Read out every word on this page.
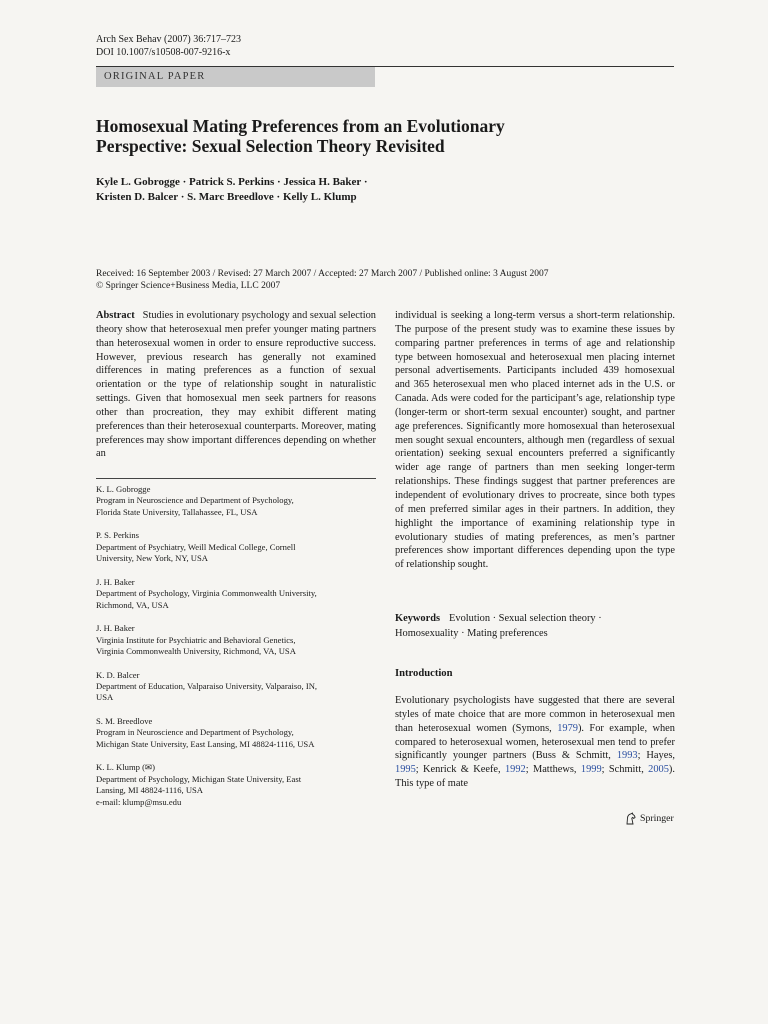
Arch Sex Behav (2007) 36:717–723
DOI 10.1007/s10508-007-9216-x
ORIGINAL PAPER
Homosexual Mating Preferences from an Evolutionary
Perspective: Sexual Selection Theory Revisited
Kyle L. Gobrogge · Patrick S. Perkins · Jessica H. Baker ·
Kristen D. Balcer · S. Marc Breedlove · Kelly L. Klump
Received: 16 September 2003 / Revised: 27 March 2007 / Accepted: 27 March 2007 / Published online: 3 August 2007
© Springer Science+Business Media, LLC 2007
Abstract Studies in evolutionary psychology and sexual selection theory show that heterosexual men prefer younger mating partners than heterosexual women in order to ensure reproductive success. However, previous research has generally not examined differences in mating preferences as a function of sexual orientation or the type of relationship sought in naturalistic settings. Given that homosexual men seek partners for reasons other than procreation, they may exhibit different mating preferences than their heterosexual counterparts. Moreover, mating preferences may show important differences depending on whether an
K. L. Gobrogge
Program in Neuroscience and Department of Psychology,
Florida State University, Tallahassee, FL, USA
P. S. Perkins
Department of Psychiatry, Weill Medical College, Cornell
University, New York, NY, USA
J. H. Baker
Department of Psychology, Virginia Commonwealth University,
Richmond, VA, USA
J. H. Baker
Virginia Institute for Psychiatric and Behavioral Genetics,
Virginia Commonwealth University, Richmond, VA, USA
K. D. Balcer
Department of Education, Valparaiso University, Valparaiso, IN,
USA
S. M. Breedlove
Program in Neuroscience and Department of Psychology,
Michigan State University, East Lansing, MI 48824-1116, USA
K. L. Klump (✉)
Department of Psychology, Michigan State University, East
Lansing, MI 48824-1116, USA
e-mail: klump@msu.edu
individual is seeking a long-term versus a short-term relationship. The purpose of the present study was to examine these issues by comparing partner preferences in terms of age and relationship type between homosexual and heterosexual men placing internet personal advertisements. Participants included 439 homosexual and 365 heterosexual men who placed internet ads in the U.S. or Canada. Ads were coded for the participant’s age, relationship type (longer-term or short-term sexual encounter) sought, and partner age preferences. Significantly more homosexual than heterosexual men sought sexual encounters, although men (regardless of sexual orientation) seeking sexual encounters preferred a significantly wider age range of partners than men seeking longer-term relationships. These findings suggest that partner preferences are independent of evolutionary drives to procreate, since both types of men preferred similar ages in their partners. In addition, they highlight the importance of examining relationship type in evolutionary studies of mating preferences, as men’s partner preferences show important differences depending upon the type of relationship sought.
Keywords Evolution · Sexual selection theory ·
Homosexuality · Mating preferences
Introduction
Evolutionary psychologists have suggested that there are several styles of mate choice that are more common in heterosexual men than heterosexual women (Symons, 1979). For example, when compared to heterosexual women, heterosexual men tend to prefer significantly younger partners (Buss & Schmitt, 1993; Hayes, 1995; Kenrick & Keefe, 1992; Matthews, 1999; Schmitt, 2005). This type of mate
Springer
